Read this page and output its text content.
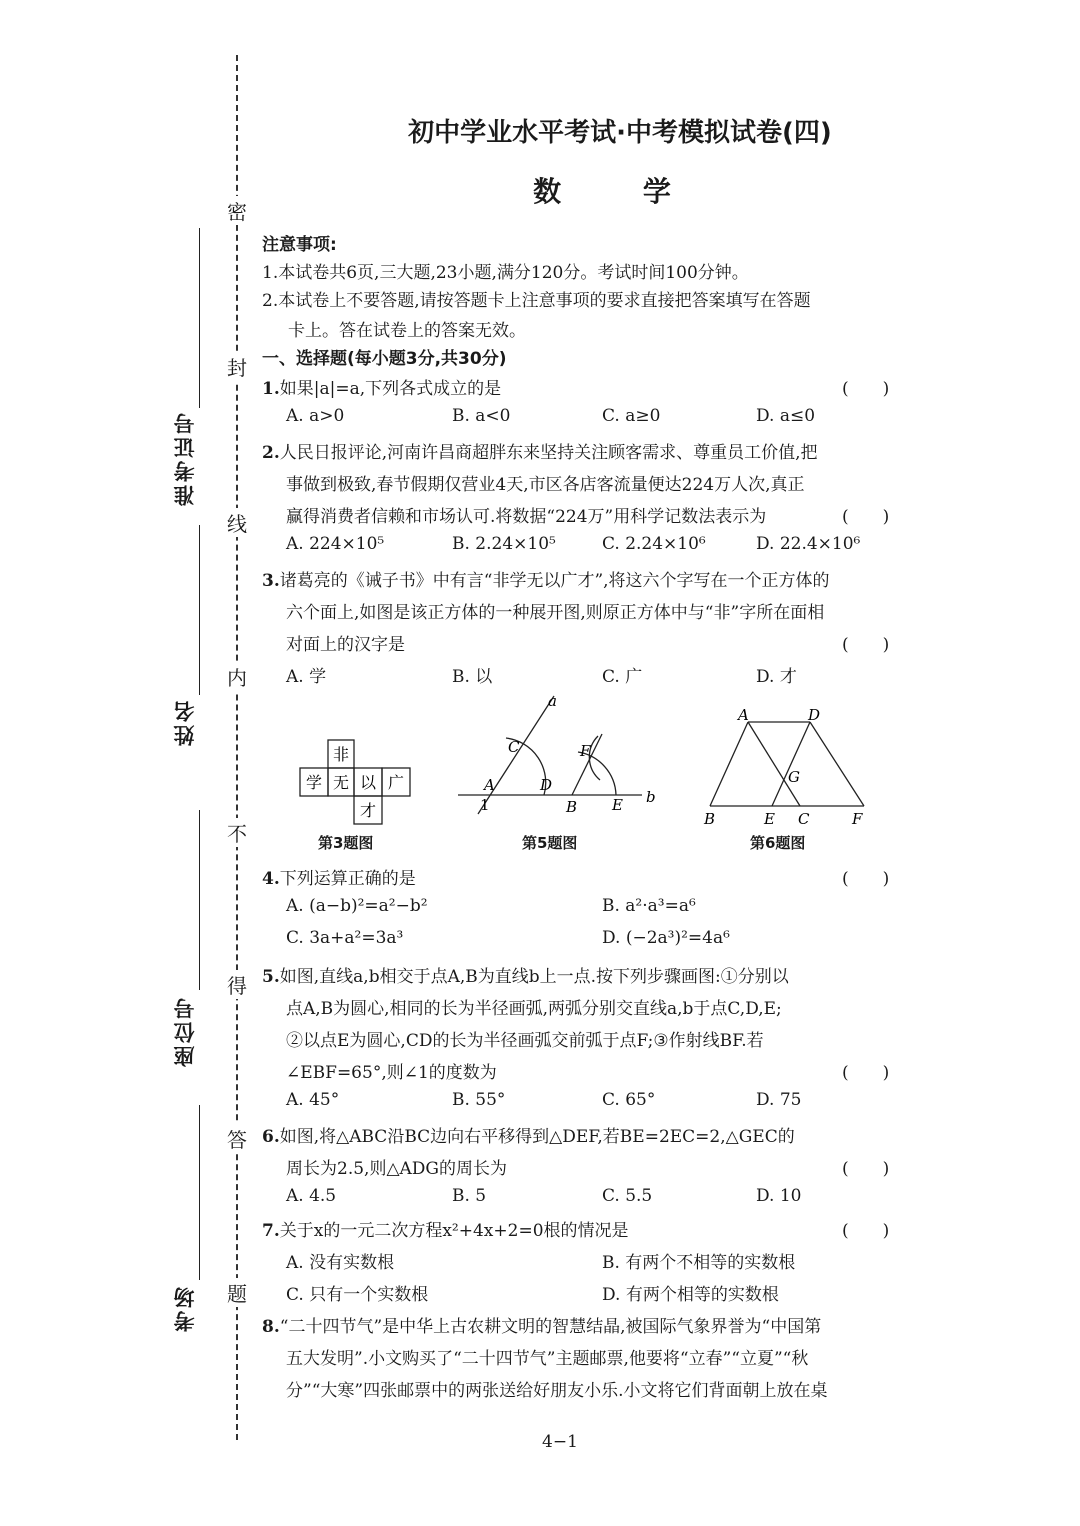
密
封
线
内
不
得
答
题
准考证号
姓名
座位号
考场
初中学业水平考试·中考模拟试卷(四)
数 学
注意事项:
1.本试卷共6页,三大题,23小题,满分120分。考试时间100分钟。
2.本试卷上不要答题,请按答题卡上注意事项的要求直接把答案填写在答题
卡上。答在试卷上的答案无效。
一、选择题(每小题3分,共30分)
1.如果|a|=a,下列各式成立的是	(　　)
A. a>0	B. a<0	C. a≥0	D. a≤0
2.人民日报评论,河南许昌商超胖东来坚持关注顾客需求、尊重员工价值,把
事做到极致,春节假期仅营业4天,市区各店客流量便达224万人次,真正
赢得消费者信赖和市场认可.将数据“224万”用科学记数法表示为	(　　)
A. 224×10⁵	B. 2.24×10⁵	C. 2.24×10⁶	D. 22.4×10⁶
3.诸葛亮的《诫子书》中有言“非学无以广才”,将这六个字写在一个正方体的
六个面上,如图是该正方体的一种展开图,则原正方体中与“非”字所在面相
对面上的汉字是	(　　)
A. 学	B. 以	C. 广	D. 才
非
学 无 以 广
才
第3题图
a
C	F
A
1
D
B E b
第5题图
A	D
G
B	E C	F
第6题图
4.下列运算正确的是	(　　)
A. (a−b)²=a²−b²	B. a²·a³=a⁶
C. 3a+a²=3a³	D. (−2a³)²=4a⁶
5.如图,直线a,b相交于点A,B为直线b上一点.按下列步骤画图:①分别以
点A,B为圆心,相同的长为半径画弧,两弧分别交直线a,b于点C,D,E;
②以点E为圆心,CD的长为半径画弧交前弧于点F;③作射线BF.若
∠EBF=65°,则∠1的度数为	(　　)
A. 45°	B. 55°	C. 65°	D. 75
6.如图,将△ABC沿BC边向右平移得到△DEF,若BE=2EC=2,△GEC的
周长为2.5,则△ADG的周长为	(　　)
A. 4.5	B. 5	C. 5.5	D. 10
7.关于x的一元二次方程x²+4x+2=0根的情况是	(　　)
A. 没有实数根	B. 有两个不相等的实数根
C. 只有一个实数根	D. 有两个相等的实数根
8.“二十四节气”是中华上古农耕文明的智慧结晶,被国际气象界誉为“中国第
五大发明”.小文购买了“二十四节气”主题邮票,他要将“立春”“立夏”“秋
分”“大寒”四张邮票中的两张送给好朋友小乐.小文将它们背面朝上放在桌
4−1
